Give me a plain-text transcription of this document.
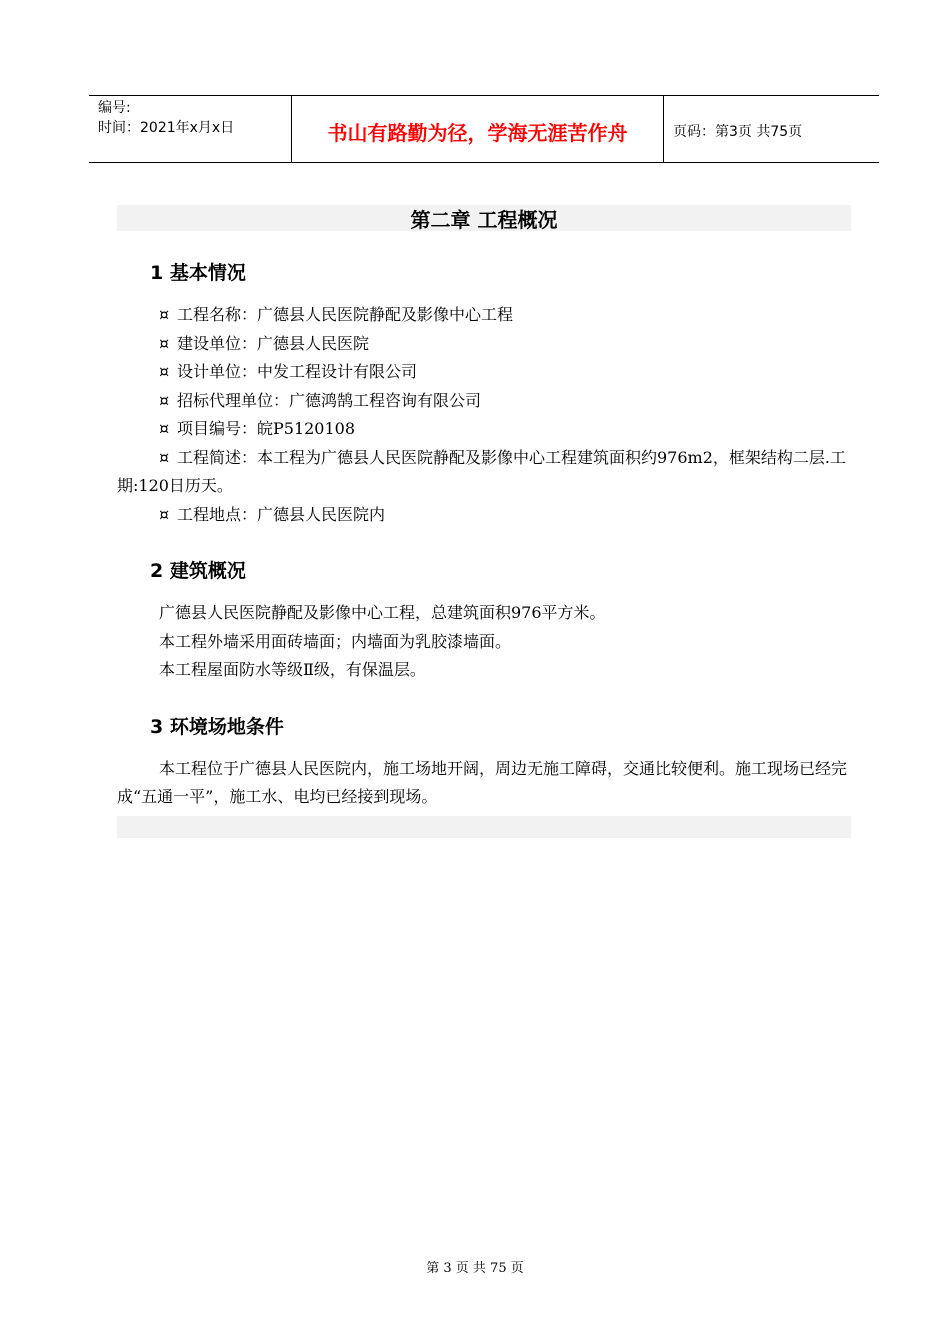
编号:
时间：2021年x月x日	书山有路勤为径，学海无涯苦作舟	页码：第3页 共75页
第二章 工程概况
1 基本情况
¤ 工程名称：广德县人民医院静配及影像中心工程
¤ 建设单位：广德县人民医院
¤ 设计单位：中发工程设计有限公司
¤ 招标代理单位：广德鸿鹄工程咨询有限公司
¤ 项目编号：皖P5120108
¤ 工程简述：本工程为广德县人民医院静配及影像中心工程建筑面积约976m2，框架结构二层.工期:120日历天。
¤ 工程地点：广德县人民医院内
2 建筑概况
广德县人民医院静配及影像中心工程，总建筑面积976平方米。
本工程外墙采用面砖墙面；内墙面为乳胶漆墙面。
本工程屋面防水等级Ⅱ级，有保温层。
3 环境场地条件
本工程位于广德县人民医院内，施工场地开阔，周边无施工障碍，交通比较便利。施工现场已经完成“五通一平”，施工水、电均已经接到现场。
第 3 页 共 75 页
